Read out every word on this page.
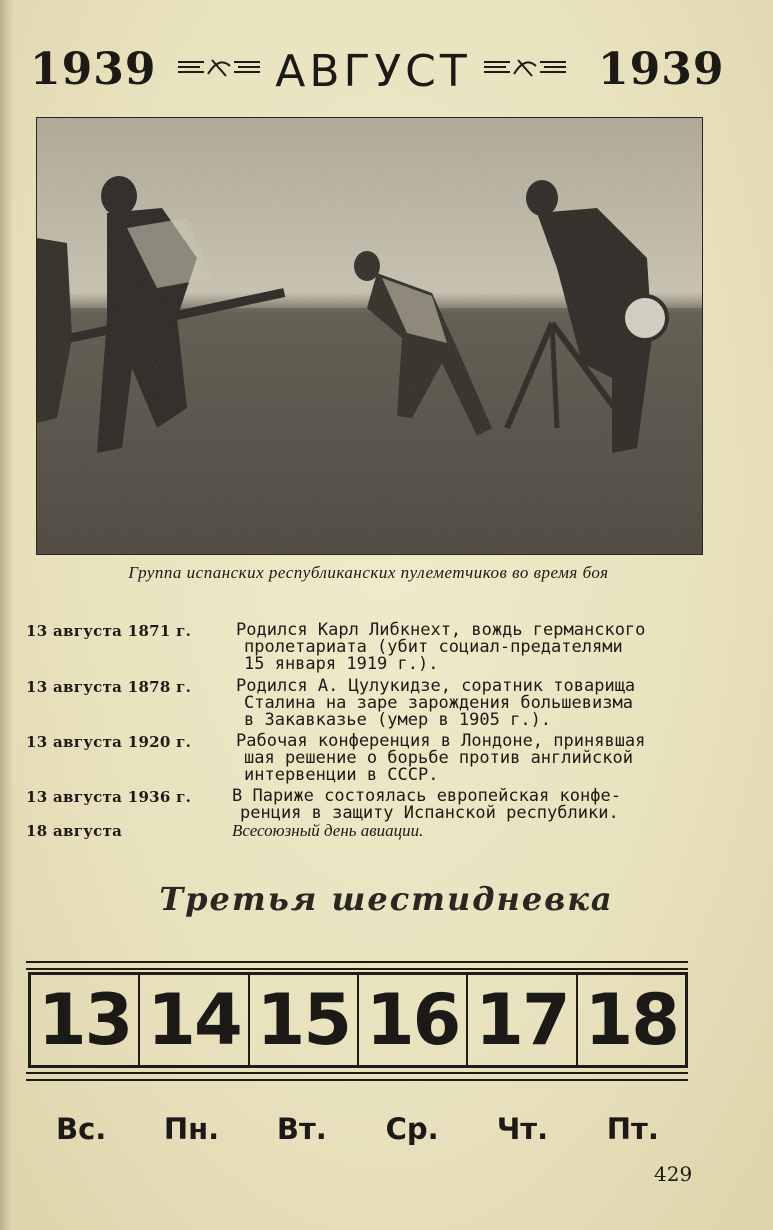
1939	АВГУСТ	1939
Группа испанских республиканских пулеметчиков во время боя
13 августа 1871 г.	Родился Карл Либкнехт, вождь германского
пролетариата (убит социал-предателями
15 января 1919 г.).
13 августа 1878 г.	Родился А. Цулукидзе, соратник товарища
Сталина на заре зарождения большевизма
в Закавказье (умер в 1905 г.).
13 августа 1920 г.	Рабочая конференция в Лондоне, принявшая
шая решение о борьбе против английской
интервенции в СССР.
13 августа 1936 г. В Париже состоялась европейская конфе-
ренция в защиту Испанской республики.
18 августа	Всесоюзный день авиации.
Третья шестидневка
13 14 15 16 17 18
Вс.	Пн.	Вт.	Ср.	Чт.	Пт.
429
